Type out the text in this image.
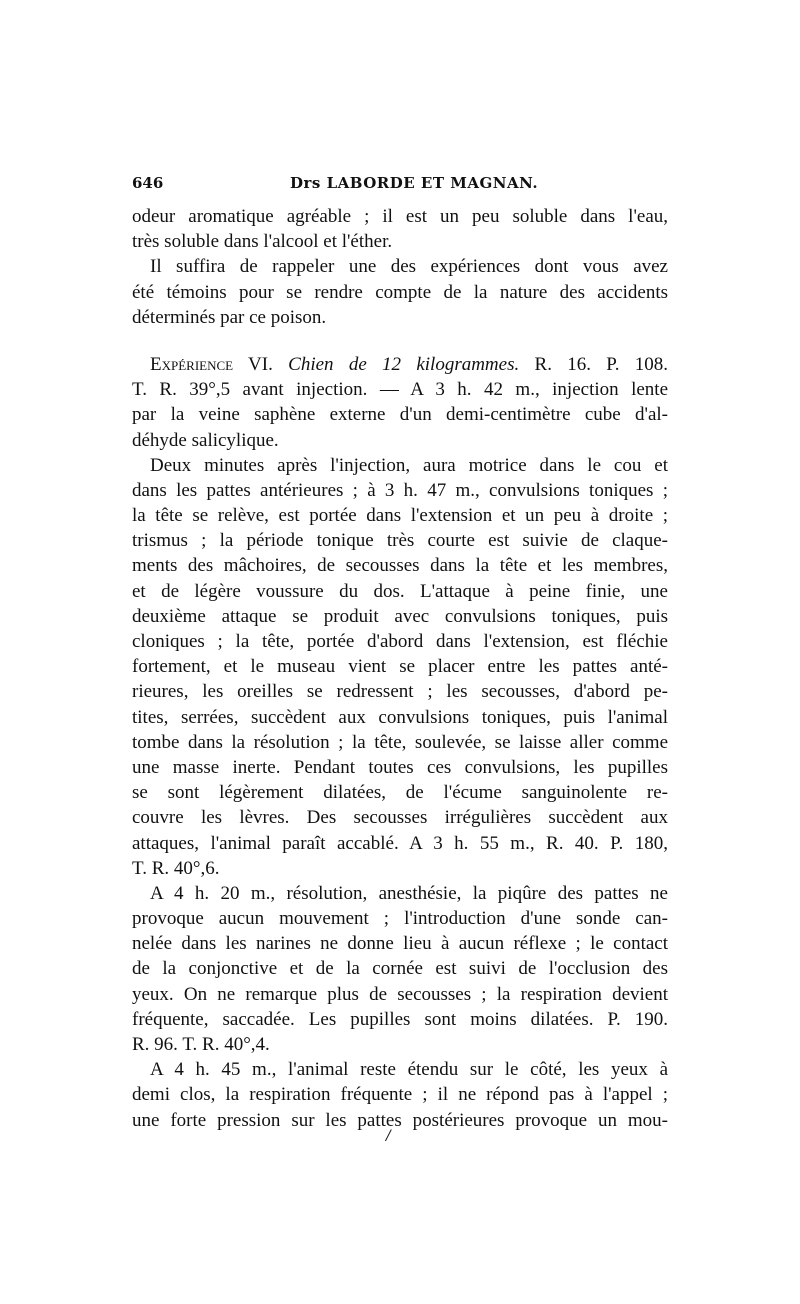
646	Drs LABORDE ET MAGNAN.
odeur aromatique agréable ; il est un peu soluble dans l'eau,
très soluble dans l'alcool et l'éther.
Il suffira de rappeler une des expériences dont vous avez
été témoins pour se rendre compte de la nature des accidents
déterminés par ce poison.
Expérience VI. Chien de 12 kilogrammes. R. 16. P. 108.
T. R. 39°,5 avant injection. — A 3 h. 42 m., injection lente
par la veine saphène externe d'un demi-centimètre cube d'al-
déhyde salicylique.
Deux minutes après l'injection, aura motrice dans le cou et
dans les pattes antérieures ; à 3 h. 47 m., convulsions toniques ;
la tête se relève, est portée dans l'extension et un peu à droite ;
trismus ; la période tonique très courte est suivie de claque-
ments des mâchoires, de secousses dans la tête et les membres,
et de légère voussure du dos. L'attaque à peine finie, une
deuxième attaque se produit avec convulsions toniques, puis
cloniques ; la tête, portée d'abord dans l'extension, est fléchie
fortement, et le museau vient se placer entre les pattes anté-
rieures, les oreilles se redressent ; les secousses, d'abord pe-
tites, serrées, succèdent aux convulsions toniques, puis l'animal
tombe dans la résolution ; la tête, soulevée, se laisse aller comme
une masse inerte. Pendant toutes ces convulsions, les pupilles
se sont légèrement dilatées, de l'écume sanguinolente re-
couvre les lèvres. Des secousses irrégulières succèdent aux
attaques, l'animal paraît accablé. A 3 h. 55 m., R. 40. P. 180,
T. R. 40°,6.
A 4 h. 20 m., résolution, anesthésie, la piqûre des pattes ne
provoque aucun mouvement ; l'introduction d'une sonde can-
nelée dans les narines ne donne lieu à aucun réflexe ; le contact
de la conjonctive et de la cornée est suivi de l'occlusion des
yeux. On ne remarque plus de secousses ; la respiration devient
fréquente, saccadée. Les pupilles sont moins dilatées. P. 190.
R. 96. T. R. 40°,4.
A 4 h. 45 m., l'animal reste étendu sur le côté, les yeux à
demi clos, la respiration fréquente ; il ne répond pas à l'appel ;
une forte pression sur les pattes postérieures provoque un mou-
/
